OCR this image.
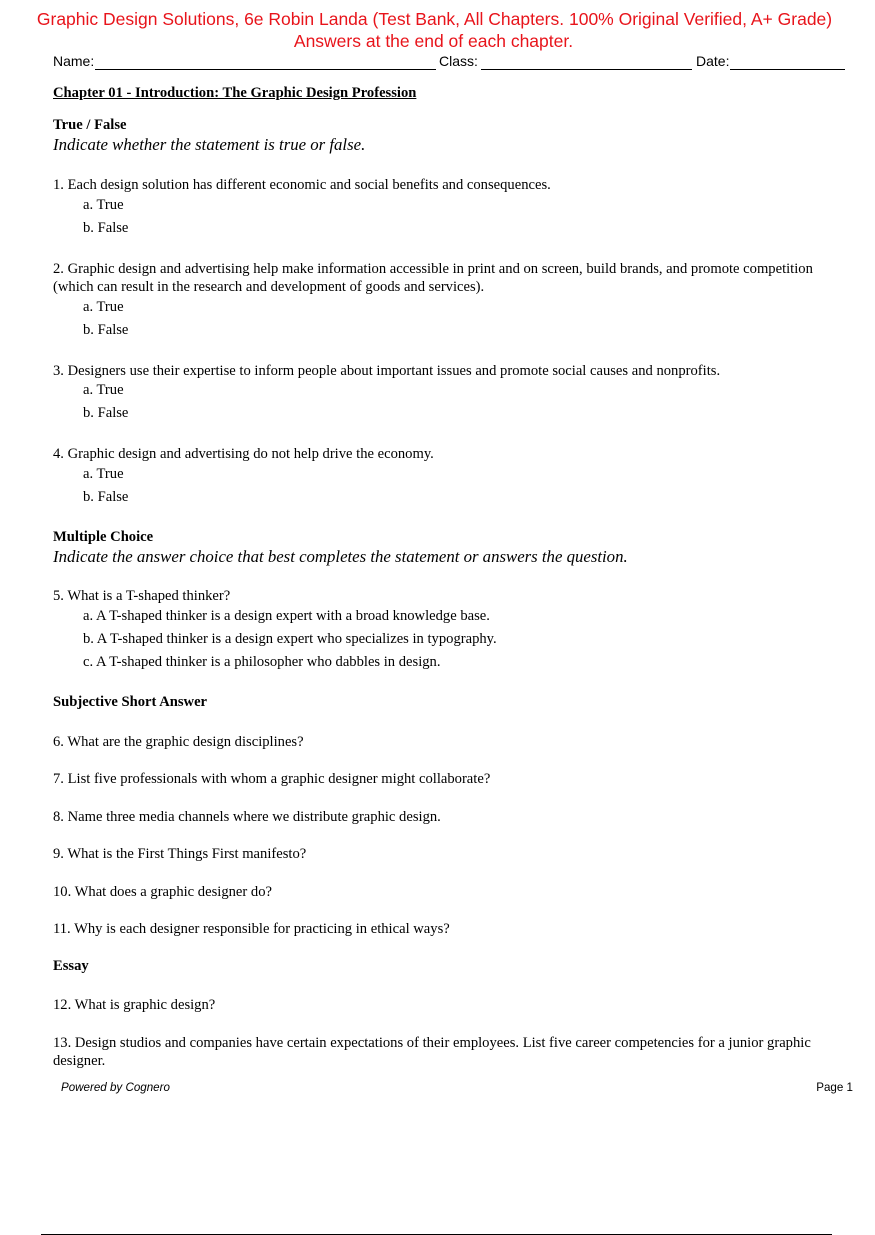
Graphic Design Solutions, 6e Robin Landa (Test Bank, All Chapters. 100% Original Verified, A+ Grade)
Answers at the end of each chapter.
Name:	Class:	Date:
Chapter 01 - Introduction: The Graphic Design Profession
True / False
Indicate whether the statement is true or false.
1. Each design solution has different economic and social benefits and consequences.
a. True
b. False
2. Graphic design and advertising help make information accessible in print and on screen, build brands, and promote competition (which can result in the research and development of goods and services).
a. True
b. False
3. Designers use their expertise to inform people about important issues and promote social causes and nonprofits.
a. True
b. False
4. Graphic design and advertising do not help drive the economy.
a. True
b. False
Multiple Choice
Indicate the answer choice that best completes the statement or answers the question.
5. What is a T-shaped thinker?
a. A T-shaped thinker is a design expert with a broad knowledge base.
b. A T-shaped thinker is a design expert who specializes in typography.
c. A T-shaped thinker is a philosopher who dabbles in design.
Subjective Short Answer
6. What are the graphic design disciplines?
7. List five professionals with whom a graphic designer might collaborate?
8. Name three media channels where we distribute graphic design.
9. What is the First Things First manifesto?
10. What does a graphic designer do?
11. Why is each designer responsible for practicing in ethical ways?
Essay
12. What is graphic design?
13. Design studios and companies have certain expectations of their employees. List five career competencies for a junior graphic designer.
Powered by Cognero	Page 1
